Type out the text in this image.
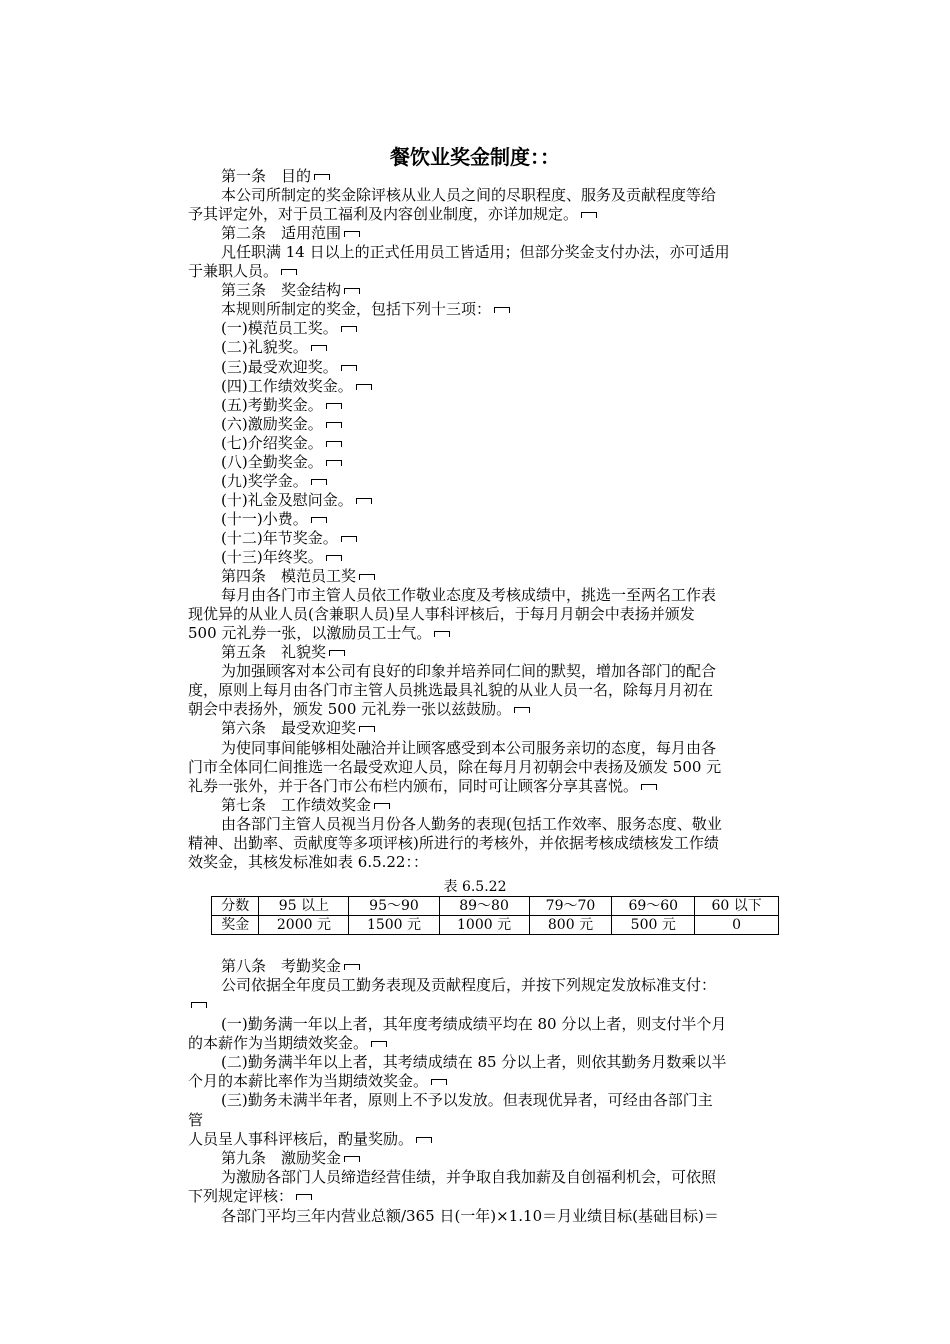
餐饮业奖金制度：：
第一条　目的
本公司所制定的奖金除评核从业人员之间的尽职程度、服务及贡献程度等给
予其评定外，对于员工福利及内容创业制度，亦详加规定。
第二条　适用范围
凡任职满 14 日以上的正式任用员工皆适用；但部分奖金支付办法，亦可适用
于兼职人员。
第三条　奖金结构
本规则所制定的奖金，包括下列十三项：
(一)模范员工奖。
(二)礼貌奖。
(三)最受欢迎奖。
(四)工作绩效奖金。
(五)考勤奖金。
(六)激励奖金。
(七)介绍奖金。
(八)全勤奖金。
(九)奖学金。
(十)礼金及慰问金。
(十一)小费。
(十二)年节奖金。
(十三)年终奖。
第四条　模范员工奖
每月由各门市主管人员依工作敬业态度及考核成绩中，挑选一至两名工作表
现优异的从业人员(含兼职人员)呈人事科评核后，于每月月朝会中表扬并颁发
500 元礼券一张，以激励员工士气。
第五条　礼貌奖
为加强顾客对本公司有良好的印象并培养同仁间的默契，增加各部门的配合
度，原则上每月由各门市主管人员挑选最具礼貌的从业人员一名，除每月月初在
朝会中表扬外，颁发 500 元礼券一张以兹鼓励。
第六条　最受欢迎奖
为使同事间能够相处融洽并让顾客感受到本公司服务亲切的态度，每月由各
门市全体同仁间推选一名最受欢迎人员，除在每月月初朝会中表扬及颁发 500 元
礼券一张外，并于各门市公布栏内颁布，同时可让顾客分享其喜悦。
第七条　工作绩效奖金
由各部门主管人员视当月份各人勤务的表现(包括工作效率、服务态度、敬业
精神、出勤率、贡献度等多项评核)所进行的考核外，并依据考核成绩核发工作绩
效奖金，其核发标准如表 6.5.22：：
表 6.5.22
分数	95 以上	95～90	89～80	79～70	69～60	60 以下
奖金	2000 元	1500 元	1000 元	800 元	500 元	0
第八条　考勤奖金
公司依据全年度员工勤务表现及贡献程度后，并按下列规定发放标准支付：
(一)勤务满一年以上者，其年度考绩成绩平均在 80 分以上者，则支付半个月
的本薪作为当期绩效奖金。
(二)勤务满半年以上者，其考绩成绩在 85 分以上者，则依其勤务月数乘以半
个月的本薪比率作为当期绩效奖金。
(三)勤务未满半年者，原则上不予以发放。但表现优异者，可经由各部门主
管
人员呈人事科评核后，酌量奖励。
第九条　激励奖金
为激励各部门人员缔造经营佳绩，并争取自我加薪及自创福利机会，可依照
下列规定评核：
各部门平均三年内营业总额/365 日(一年)×1.10＝月业绩目标(基础目标)＝
